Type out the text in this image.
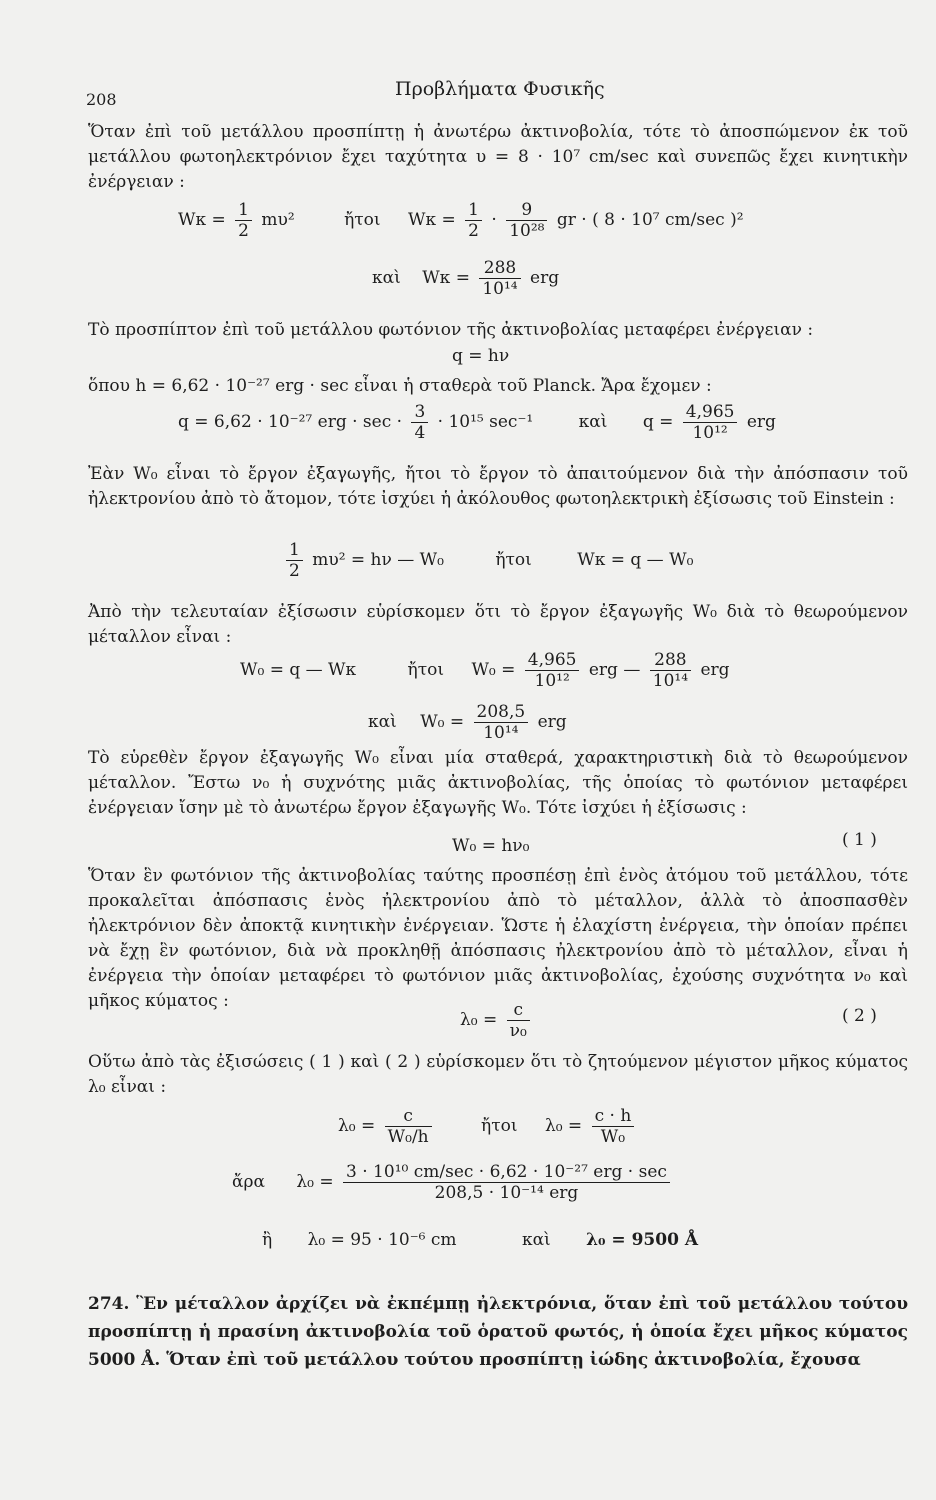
208	Προβλήματα Φυσικῆς

Ὅταν ἐπὶ τοῦ μετάλλου προσπίπτῃ ἡ ἀνωτέρω ἀκτινοβολία, τότε τὸ ἀποσπώμενον ἐκ τοῦ μετάλλου φωτοηλεκτρόνιον ἔχει ταχύτητα υ = 8 · 10⁷ cm/sec καὶ συνεπῶς ἔχει κινητικὴν ἐνέργειαν :

$W\kappa = \frac{1}{2} m\upsilon^2$	ἤτοι $W\kappa = \frac{1}{2} \cdot \frac{9}{\text{10²⁸}}$ gr · ( 8 · 10⁷ cm/sec )²
καὶ $W\kappa = \frac{288}{\text{10¹⁴}}$ erg

Τὸ προσπίπτον ἐπὶ τοῦ μετάλλου φωτόνιον τῆς ἀκτινοβολίας μεταφέρει ἐνέργειαν :

q = hν

ὅπου h = 6,62 · 10⁻²⁷ erg · sec εἶναι ἡ σταθερὰ τοῦ Planck. Ἄρα ἔχομεν :

q = 6,62 · 10⁻²⁷ erg · $\sec \cdot \frac{3}{4} \cdot 10^{15}$ sec⁻¹	καὶ $q = \frac{4,965}{\text{10¹²}}$ erg

Ἐὰν W₀ εἶναι τὸ ἔργον ἐξαγωγῆς, ἤτοι τὸ ἔργον τὸ ἀπαιτούμενον διὰ τὴν ἀπόσπασιν τοῦ ἠλεκτρονίου ἀπὸ τὸ ἄτομον, τότε ἰσχύει ἡ ἀκόλουθος φωτοηλεκτρικὴ ἐξίσωσις τοῦ Einstein :

$\frac{1}{2} m\upsilon^2 = h\nu$ — W₀	ἤτοι	Wκ = q — W₀

Ἀπὸ τὴν τελευταίαν ἐξίσωσιν εὑρίσκομεν ὅτι τὸ ἔργον ἐξαγωγῆς W₀ διὰ τὸ θεωρούμενον μέταλλον εἶναι :

W₀ = q — Wκ	ἤτοι $W_0 = \frac{4,965}{\text{10¹²}}$ erg — $\frac{288}{\text{10¹⁴}}$ erg
καὶ $W_0 = \frac{208,5}{\text{10¹⁴}}$ erg

Τὸ εὑρεθὲν ἔργον ἐξαγωγῆς W₀ εἶναι μία σταθερά, χαρακτηριστικὴ διὰ τὸ θεωρούμενον μέταλλον. Ἔστω ν₀ ἡ συχνότης μιᾶς ἀκτινοβολίας, τῆς ὁποίας τὸ φωτόνιον μεταφέρει ἐνέργειαν ἴσην μὲ τὸ ἀνωτέρω ἔργον ἐξαγωγῆς W₀. Τότε ἰσχύει ἡ ἐξίσωσις :

W₀ = hν₀	( 1 )

Ὅταν ἓν φωτόνιον τῆς ἀκτινοβολίας ταύτης προσπέσῃ ἐπὶ ἑνὸς ἀτόμου τοῦ μετάλλου, τότε προκαλεῖται ἀπόσπασις ἑνὸς ἠλεκτρονίου ἀπὸ τὸ μέταλλον, ἀλλὰ τὸ ἀποσπασθὲν ἠλεκτρόνιον δὲν ἀποκτᾷ κινητικὴν ἐνέργειαν. Ὥστε ἡ ἐλαχίστη ἐνέργεια, τὴν ὁποίαν πρέπει νὰ ἔχῃ ἓν φωτόνιον, διὰ νὰ προκληθῇ ἀπόσπασις ἠλεκτρονίου ἀπὸ τὸ μέταλλον, εἶναι ἡ ἐνέργεια τὴν ὁποίαν μεταφέρει τὸ φωτόνιον μιᾶς ἀκτινοβολίας, ἐχούσης συχνότητα ν₀ καὶ μῆκος κύματος :

$\lambda_0 = \frac{c}{\text{ν₀}}$	( 2 )

Οὕτω ἀπὸ τὰς ἐξισώσεις ( 1 ) καὶ ( 2 ) εὑρίσκομεν ὅτι τὸ ζητούμενον μέγιστον μῆκος κύματος λ₀ εἶναι :

$\lambda_0 = \frac{c}{\text{W₀/h}}$	ἤτοι $\lambda_0 = \frac{c \cdot h}{\text{W₀}}$
ἄρα $\lambda_0 = \frac{\text{3 · 10¹⁰ cm/sec · 6,62 · 10⁻²⁷ erg · sec}}{\text{208,5 · 10⁻¹⁴ erg}}$
ἢ λ₀ = 95 · 10⁻⁶ cm	καὶ λ₀ = 9500 Å

274. Ἓν μέταλλον ἀρχίζει νὰ ἐκπέμπῃ ἠλεκτρόνια, ὅταν ἐπὶ τοῦ μετάλλου τούτου προσπίπτῃ ἡ πρασίνη ἀκτινοβολία τοῦ ὁρατοῦ φωτός, ἡ ὁποία ἔχει μῆκος κύματος 5000 Å. Ὅταν ἐπὶ τοῦ μετάλλου τούτου προσπίπτῃ ἰώδης ἀκτινοβολία, ἔχουσα
